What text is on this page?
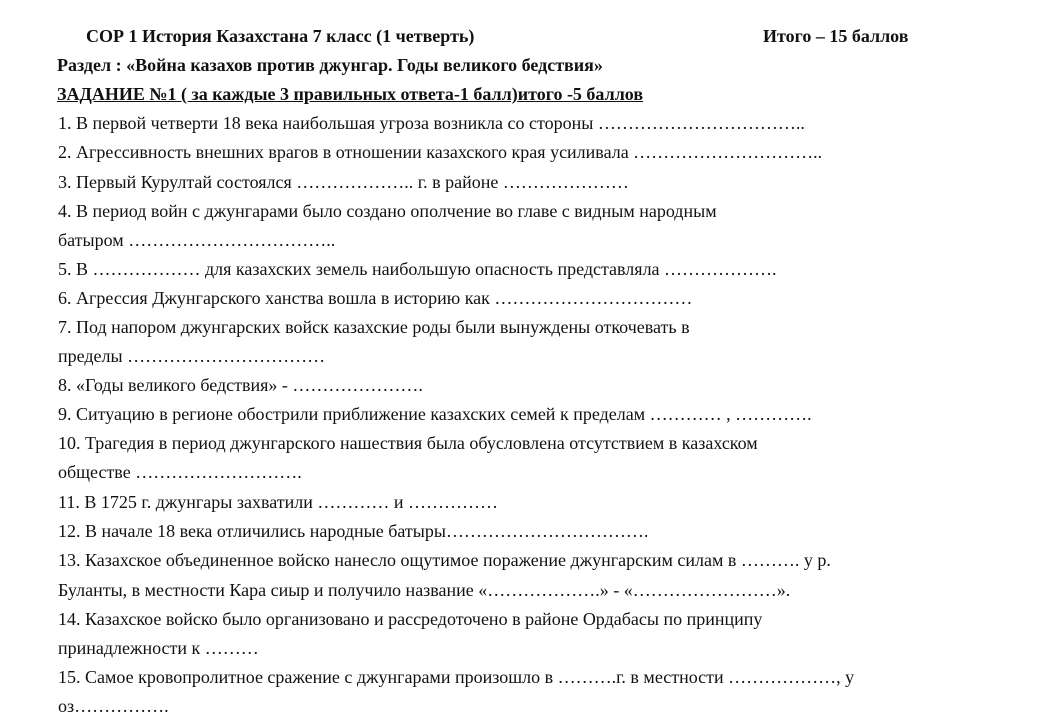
СОР 1 История Казахстана 7 класс (1 четверть)	Итого – 15 баллов
Раздел : «Война казахов против джунгар. Годы великого бедствия»
ЗАДАНИЕ №1 ( за каждые 3 правильных ответа-1 балл)итого -5 баллов
1. В первой четверти 18 века наибольшая угроза возникла со стороны ……………………………..
2. Агрессивность внешних врагов в отношении казахского края усиливала …………………………..
3. Первый Курултай состоялся ……………….. г. в районе …………………
4. В период войн с джунгарами было создано ополчение во главе с видным народным
батыром ……………………………..
5. В ……………… для казахских земель наибольшую опасность представляла ……………….
6. Агрессия Джунгарского ханства вошла в историю как ……………………………
7. Под напором джунгарских войск казахские роды были вынуждены откочевать в
пределы ……………………………
8. «Годы великого бедствия» - ………………….
9. Ситуацию в регионе обострили приближение казахских семей к пределам ………… , ………….
10. Трагедия в период джунгарского нашествия была обусловлена отсутствием в казахском
обществе ……………………….
11. В 1725 г. джунгары захватили ………… и ……………
12. В начале 18 века отличились народные батыры…………………………….
13. Казахское объединенное войско нанесло ощутимое поражение джунгарским силам в ………. у р.
Буланты, в местности Кара сиыр и получило название «……………….» - «……………………».
14. Казахское войско было организовано и рассредоточено в районе Ордабасы по принципу
принадлежности к ………
15. Самое кровопролитное сражение с джунгарами произошло в ……….г. в местности ………………, у
оз…………….
